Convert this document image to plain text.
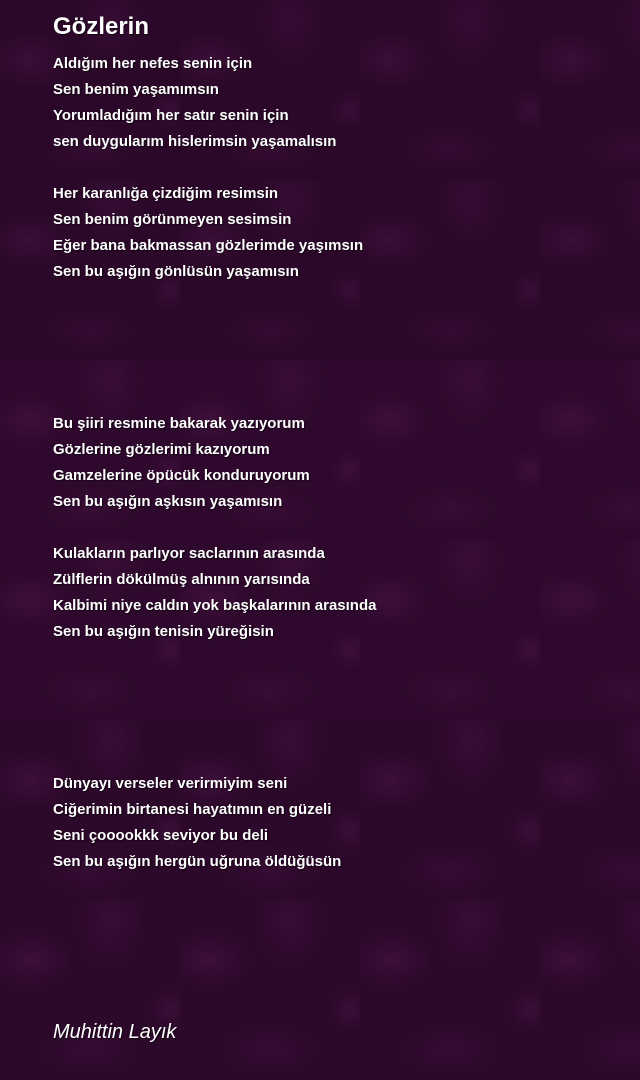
Gözlerin
Aldığım her nefes senin için
Sen benim yaşamımsın
Yorumladığım her satır senin için
sen duygularım hislerimsin yaşamalısın
Her karanlığa çizdiğim resimsin
Sen benim görünmeyen sesimsin
Eğer bana bakmassan gözlerimde yaşımsın
Sen bu aşığın gönlüsün yaşamısın
Bu şiiri resmine bakarak yazıyorum
Gözlerine gözlerimi kazıyorum
Gamzelerine öpücük konduruyorum
Sen bu aşığın aşkısın yaşamısın
Kulakların parlıyor saclarının arasında
Zülflerin dökülmüş alnının yarısında
Kalbimi niye caldın yok başkalarının arasında
Sen bu aşığın tenisin yüreğisin
Dünyayı verseler verirmiyim seni
Ciğerimin birtanesi hayatımın en güzeli
Seni çooookkk seviyor bu deli
Sen bu aşığın hergün uğruna öldüğüsün

Muhittin Layık
